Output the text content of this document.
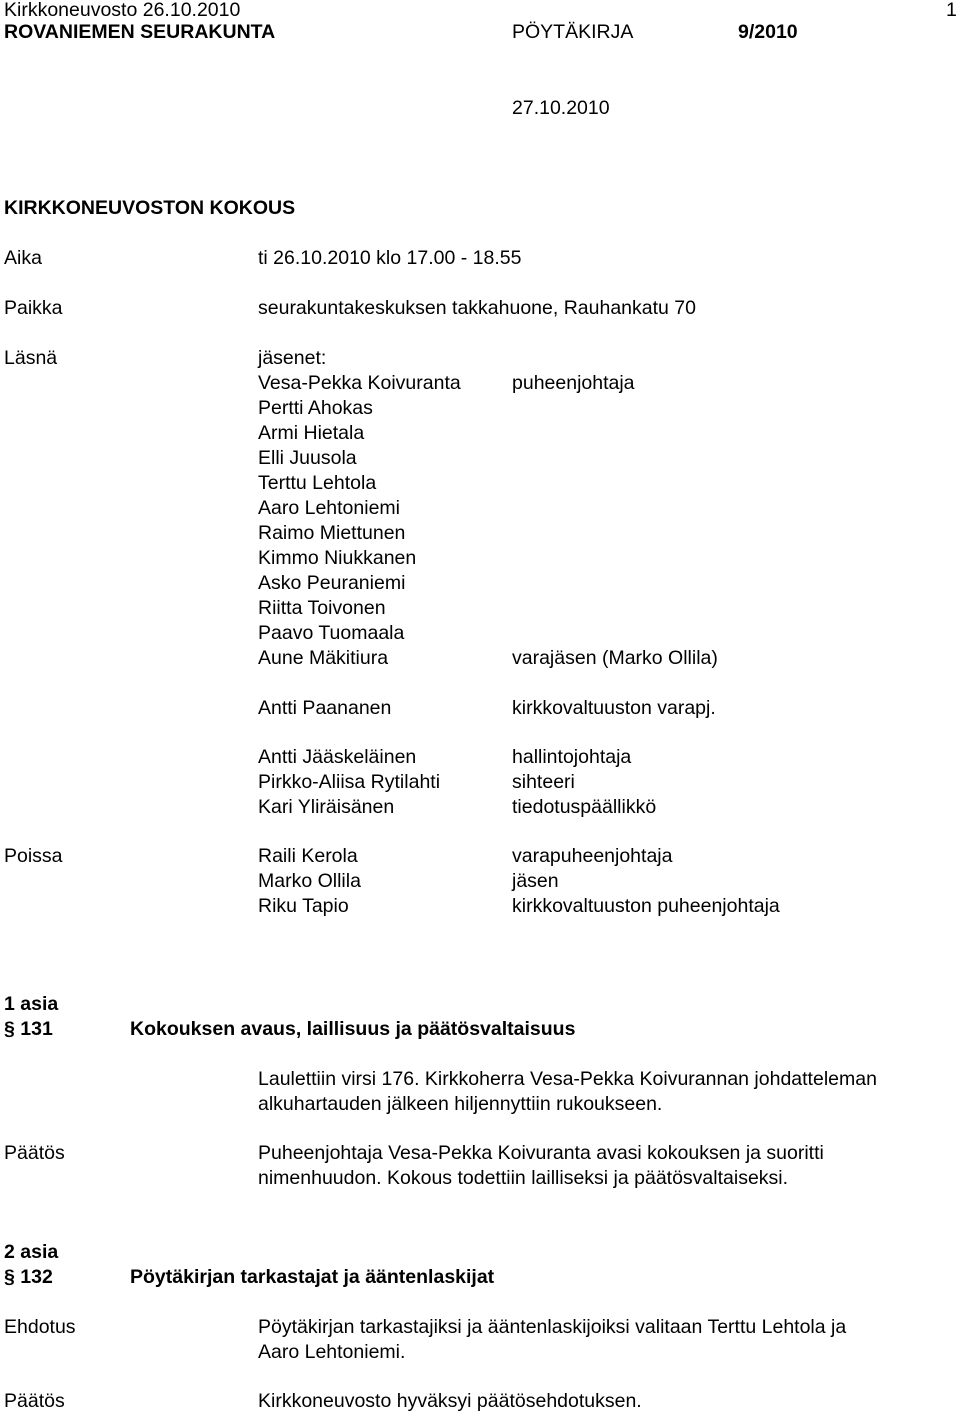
Kirkkoneuvosto 26.10.2010	1
ROVANIEMEN SEURAKUNTA	PÖYTÄKIRJA	9/2010
27.10.2010
KIRKKONEUVOSTON KOKOUS
Aika	ti 26.10.2010 klo 17.00 - 18.55
Paikka	seurakuntakeskuksen takkahuone, Rauhankatu 70
Läsnä	jäsenet:
Vesa-Pekka Koivuranta	puheenjohtaja
Pertti Ahokas
Armi Hietala
Elli Juusola
Terttu Lehtola
Aaro Lehtoniemi
Raimo Miettunen
Kimmo Niukkanen
Asko Peuraniemi
Riitta Toivonen
Paavo Tuomaala
Aune Mäkitiura	varajäsen (Marko Ollila)
Antti Paananen	kirkkovaltuuston varapj.
Antti Jääskeläinen	hallintojohtaja
Pirkko-Aliisa Rytilahti	sihteeri
Kari Yliräisänen	tiedotuspäällikkö
Poissa	Raili Kerola	varapuheenjohtaja
Marko Ollila	jäsen
Riku Tapio	kirkkovaltuuston puheenjohtaja
1 asia
§ 131	Kokouksen avaus, laillisuus ja päätösvaltaisuus
Laulettiin virsi 176. Kirkkoherra Vesa-Pekka Koivurannan johdatteleman
alkuhartauden jälkeen hiljennyttiin rukoukseen.
Päätös	Puheenjohtaja Vesa-Pekka Koivuranta avasi kokouksen ja suoritti
nimenhuudon. Kokous todettiin lailliseksi ja päätösvaltaiseksi.
2 asia
§ 132	Pöytäkirjan tarkastajat ja ääntenlaskijat
Ehdotus	Pöytäkirjan tarkastajiksi ja ääntenlaskijoiksi valitaan Terttu Lehtola ja
Aaro Lehtoniemi.
Päätös	Kirkkoneuvosto hyväksyi päätösehdotuksen.
